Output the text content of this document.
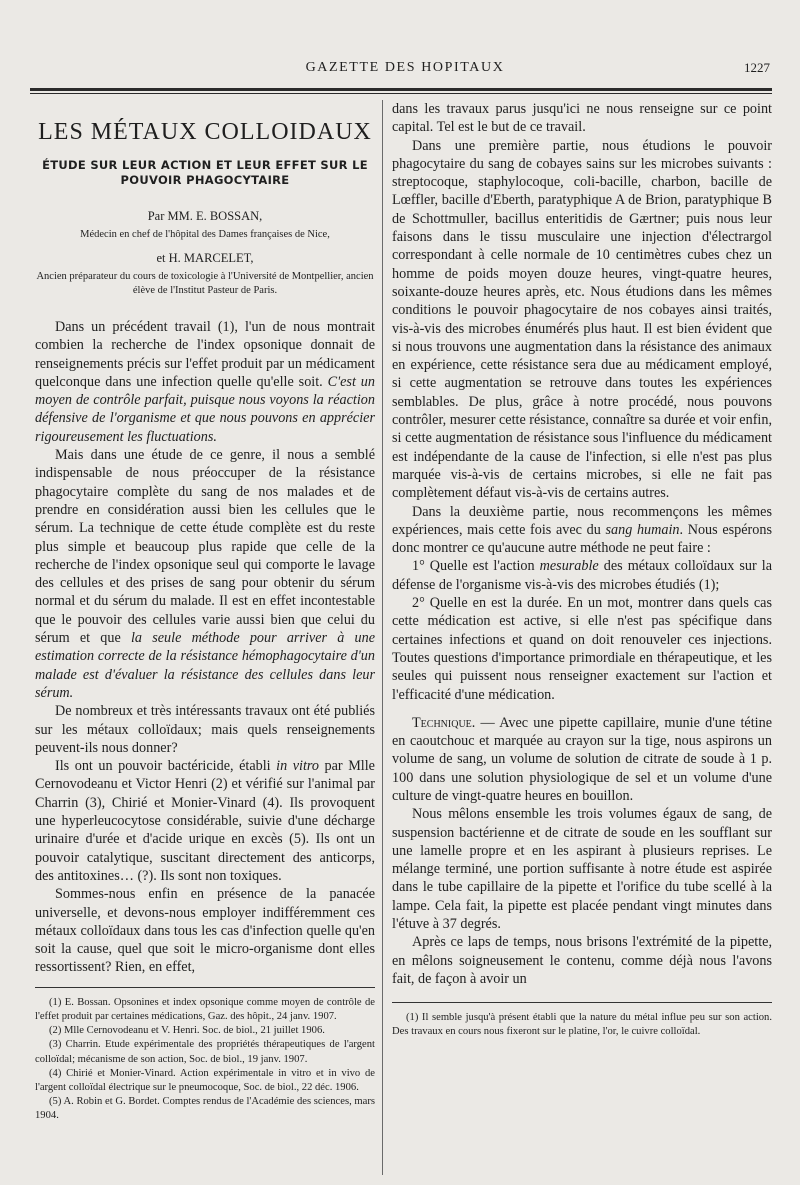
GAZETTE DES HOPITAUX	1227
LES MÉTAUX COLLOIDAUX
ÉTUDE SUR LEUR ACTION ET LEUR EFFET SUR LE POUVOIR PHAGOCYTAIRE
Par MM. E. BOSSAN,
Médecin en chef de l'hôpital des Dames françaises de Nice,
et H. MARCELET,
Ancien préparateur du cours de toxicologie à l'Université de Montpellier, ancien élève de l'Institut Pasteur de Paris.

Dans un précédent travail (1), l'un de nous montrait combien la recherche de l'index opsonique donnait de renseignements précis sur l'effet produit par un médicament quelconque dans une infection quelle qu'elle soit. C'est un moyen de contrôle parfait, puisque nous voyons la réaction défensive de l'organisme et que nous pouvons en apprécier rigoureusement les fluctuations.

Mais dans une étude de ce genre, il nous a semblé indispensable de nous préoccuper de la résistance phagocytaire complète du sang de nos malades et de prendre en considération aussi bien les cellules que le sérum. La technique de cette étude complète est du reste plus simple et beaucoup plus rapide que celle de la recherche de l'index opsonique seul qui comporte le lavage des cellules et des prises de sang pour obtenir du sérum normal et du sérum du malade. Il est en effet incontestable que le pouvoir des cellules varie aussi bien que celui du sérum et que la seule méthode pour arriver à une estimation correcte de la résistance hémophagocytaire d'un malade est d'évaluer la résistance des cellules dans leur sérum.

De nombreux et très intéressants travaux ont été publiés sur les métaux colloïdaux; mais quels renseignements peuvent-ils nous donner?

Ils ont un pouvoir bactéricide, établi in vitro par Mlle Cernovodeanu et Victor Henri (2) et vérifié sur l'animal par Charrin (3), Chirié et Monier-Vinard (4). Ils provoquent une hyperleucocytose considérable, suivie d'une décharge urinaire d'urée et d'acide urique en excès (5). Ils ont un pouvoir catalytique, suscitant directement des anticorps, des antitoxines… (?). Ils sont non toxiques.

Sommes-nous enfin en présence de la panacée universelle, et devons-nous employer indifféremment ces métaux colloïdaux dans tous les cas d'infection quelle qu'en soit la cause, quel que soit le micro-organisme dont elles ressortissent? Rien, en effet,

(1) E. Bossan. Opsonines et index opsonique comme moyen de contrôle de l'effet produit par certaines médications, Gaz. des hôpit., 24 janv. 1907.

(2) Mlle Cernovodeanu et V. Henri. Soc. de biol., 21 juillet 1906.

(3) Charrin. Etude expérimentale des propriétés thérapeutiques de l'argent colloïdal; mécanisme de son action, Soc. de biol., 19 janv. 1907.

(4) Chirié et Monier-Vinard. Action expérimentale in vitro et in vivo de l'argent colloïdal électrique sur le pneumocoque, Soc. de biol., 22 déc. 1906.

(5) A. Robin et G. Bordet. Comptes rendus de l'Académie des sciences, mars 1904.

dans les travaux parus jusqu'ici ne nous renseigne sur ce point capital. Tel est le but de ce travail.

Dans une première partie, nous étudions le pouvoir phagocytaire du sang de cobayes sains sur les microbes suivants : streptocoque, staphylocoque, coli-bacille, charbon, bacille de Lœffler, bacille d'Eberth, paratyphique A de Brion, paratyphique B de Schottmuller, bacillus enteritidis de Gærtner; puis nous leur faisons dans le tissu musculaire une injection d'électrargol correspondant à celle normale de 10 centimètres cubes chez un homme de poids moyen douze heures, vingt-quatre heures, soixante-douze heures après, etc. Nous étudions dans les mêmes conditions le pouvoir phagocytaire de nos cobayes ainsi traités, vis-à-vis des microbes énumérés plus haut. Il est bien évident que si nous trouvons une augmentation dans la résistance des animaux en expérience, cette résistance sera due au médicament employé, si cette augmentation se retrouve dans toutes les expériences semblables. De plus, grâce à notre procédé, nous pouvons contrôler, mesurer cette résistance, connaître sa durée et voir enfin, si cette augmentation de résistance sous l'influence du médicament est indépendante de la cause de l'infection, si elle n'est pas plus marquée vis-à-vis de certains microbes, si elle ne fait pas complètement défaut vis-à-vis de certains autres.

Dans la deuxième partie, nous recommençons les mêmes expériences, mais cette fois avec du sang humain. Nous espérons donc montrer ce qu'aucune autre méthode ne peut faire :

1° Quelle est l'action mesurable des métaux colloïdaux sur la défense de l'organisme vis-à-vis des microbes étudiés (1);

2° Quelle en est la durée. En un mot, montrer dans quels cas cette médication est active, si elle n'est pas spécifique dans certaines infections et quand on doit renouveler ces injections. Toutes questions d'importance primordiale en thérapeutique, et les seules qui puissent nous renseigner exactement sur l'action et l'efficacité d'une médication.

Technique. — Avec une pipette capillaire, munie d'une tétine en caoutchouc et marquée au crayon sur la tige, nous aspirons un volume de sang, un volume de solution de citrate de soude à 1 p. 100 dans une solution physiologique de sel et un volume d'une culture de vingt-quatre heures en bouillon.

Nous mêlons ensemble les trois volumes égaux de sang, de suspension bactérienne et de citrate de soude en les soufflant sur une lamelle propre et en les aspirant à plusieurs reprises. Le mélange terminé, une portion suffisante à notre étude est aspirée dans le tube capillaire de la pipette et l'orifice du tube scellé à la lampe. Cela fait, la pipette est placée pendant vingt minutes dans l'étuve à 37 degrés.

Après ce laps de temps, nous brisons l'extrémité de la pipette, en mêlons soigneusement le contenu, comme déjà nous l'avons fait, de façon à avoir un

(1) Il semble jusqu'à présent établi que la nature du métal influe peu sur son action. Des travaux en cours nous fixeront sur le platine, l'or, le cuivre colloïdal.
